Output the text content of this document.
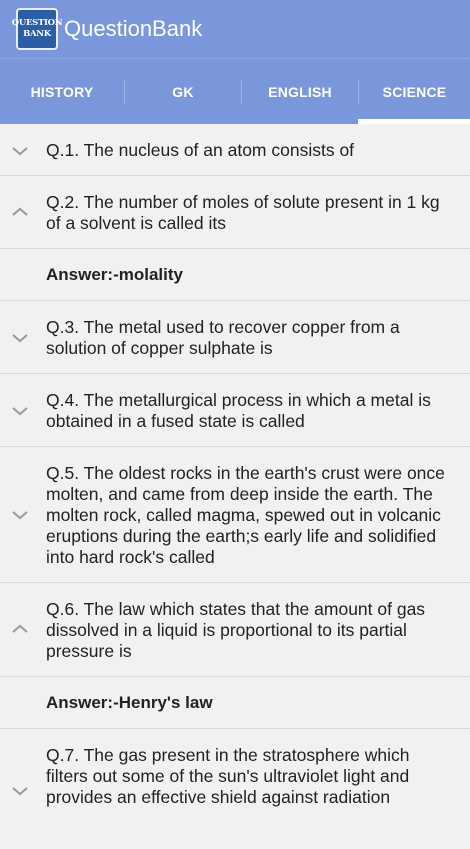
QUESTION
BANK QuestionBank
HISTORY	GK	ENGLISH	SCIENCE
Q.1. The nucleus of an atom consists of
Q.2. The number of moles of solute present in 1 kg of a solvent is called its
Answer:- molality
Q.3. The metal used to recover copper from a solution of copper sulphate is
Q.4. The metallurgical process in which a metal is obtained in a fused state is called
Q.5. The oldest rocks in the earth's crust were once molten, and came from deep inside the earth. The molten rock, called magma, spewed out in volcanic eruptions during the earth;s early life and solidified into hard rock's called
Q.6. The law which states that the amount of gas dissolved in a liquid is proportional to its partial pressure is
Answer:- Henry's law
Q.7. The gas present in the stratosphere which filters out some of the sun's ultraviolet light and provides an effective shield against radiation
